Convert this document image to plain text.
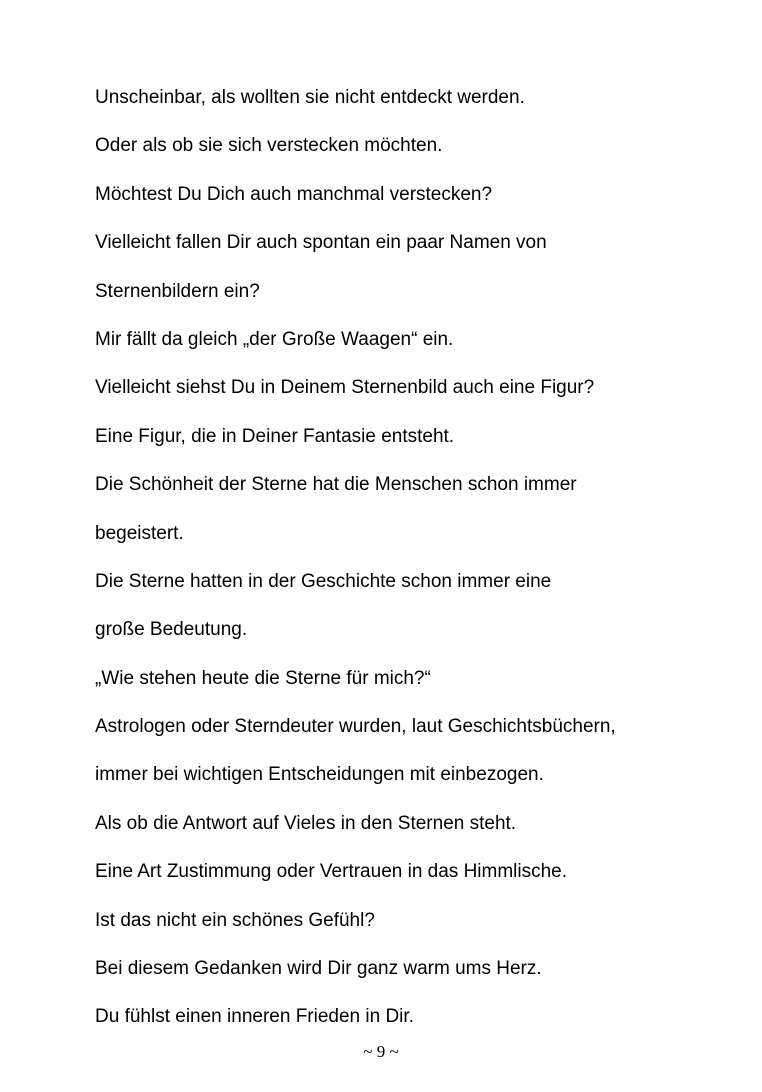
Unscheinbar, als wollten sie nicht entdeckt werden.
Oder als ob sie sich verstecken möchten.
Möchtest Du Dich auch manchmal verstecken?
Vielleicht fallen Dir auch spontan ein paar Namen von
Sternenbildern ein?
Mir fällt da gleich „der Große Waagen“ ein.
Vielleicht siehst Du in Deinem Sternenbild auch eine Figur?
Eine Figur, die in Deiner Fantasie entsteht.
Die Schönheit der Sterne hat die Menschen schon immer
begeistert.
Die Sterne hatten in der Geschichte schon immer eine
große Bedeutung.
„Wie stehen heute die Sterne für mich?“
Astrologen oder Sterndeuter wurden, laut Geschichtsbüchern,
immer bei wichtigen Entscheidungen mit einbezogen.
Als ob die Antwort auf Vieles in den Sternen steht.
Eine Art Zustimmung oder Vertrauen in das Himmlische.
Ist das nicht ein schönes Gefühl?
Bei diesem Gedanken wird Dir ganz warm ums Herz.
Du fühlst einen inneren Frieden in Dir.
~ 9 ~
